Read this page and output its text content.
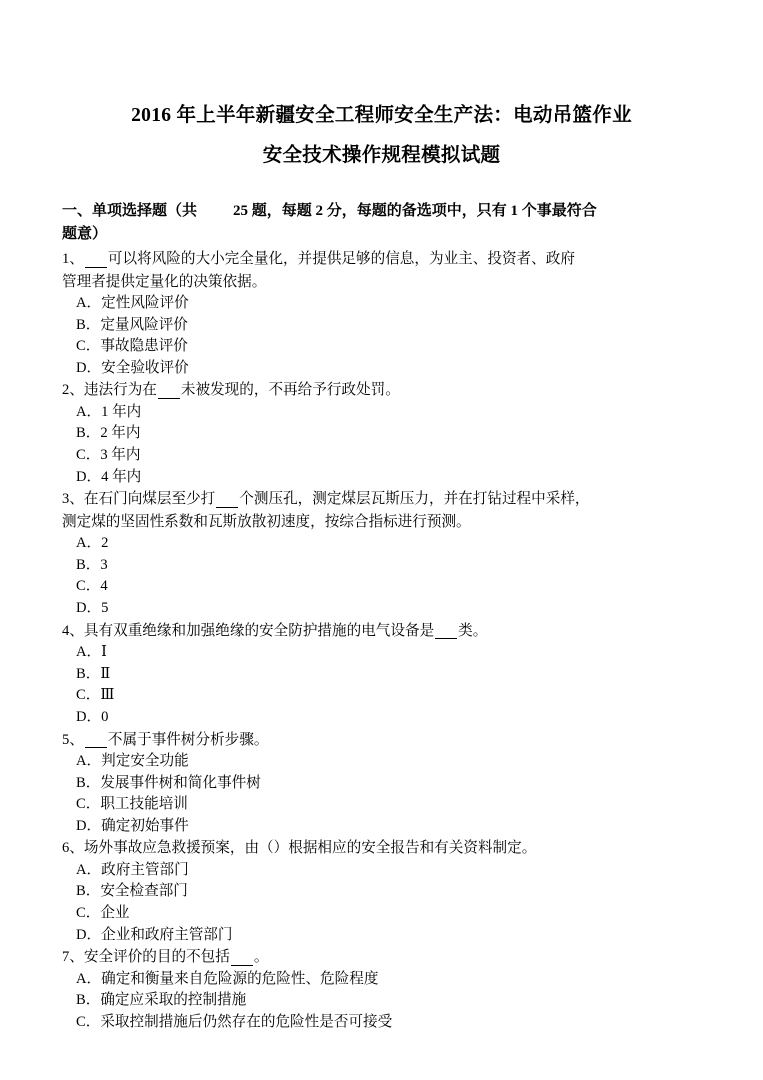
2016 年上半年新疆安全工程师安全生产法：电动吊篮作业
安全技术操作规程模拟试题
一、单项选择题（共 25 题，每题 2 分，每题的备选项中，只有 1 个事最符合
题意）

1、 可以将风险的大小完全量化，并提供足够的信息，为业主、投资者、政府

管理者提供定量化的决策依据。

A．定性风险评价

B．定量风险评价

C．事故隐患评价

D．安全验收评价

2、违法行为在 未被发现的，不再给予行政处罚。

A．1 年内

B．2 年内

C．3 年内

D．4 年内

3、在石门向煤层至少打 个测压孔，测定煤层瓦斯压力，并在打钻过程中采样，

测定煤的坚固性系数和瓦斯放散初速度，按综合指标进行预测。

A．2

B．3

C．4

D．5

4、具有双重绝缘和加强绝缘的安全防护措施的电气设备是 类。

A．Ⅰ

B．Ⅱ

C．Ⅲ

D．0

5、 不属于事件树分析步骤。

A．判定安全功能

B．发展事件树和简化事件树

C．职工技能培训

D．确定初始事件

6、场外事故应急救援预案，由（）根据相应的安全报告和有关资料制定。

A．政府主管部门

B．安全检查部门

C．企业

D．企业和政府主管部门

7、安全评价的目的不包括 。

A．确定和衡量来自危险源的危险性、危险程度

B．确定应采取的控制措施

C．采取控制措施后仍然存在的危险性是否可接受
